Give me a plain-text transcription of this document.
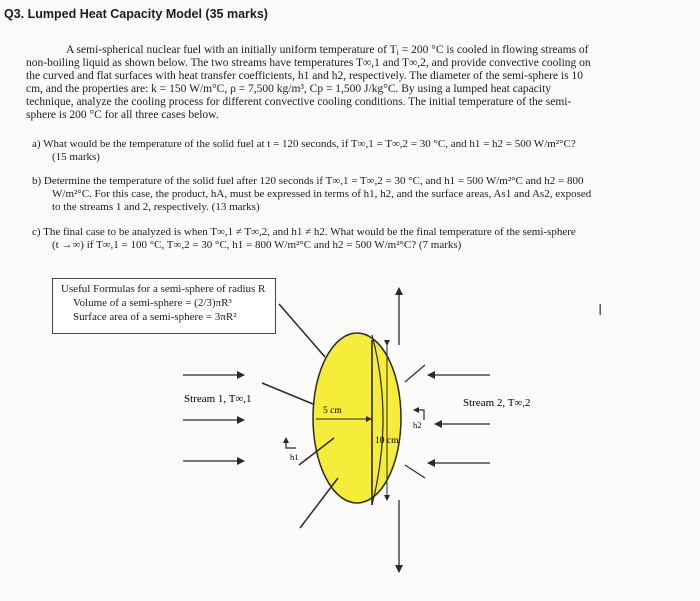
Q3. Lumped Heat Capacity Model (35 marks)
A semi-spherical nuclear fuel with an initially uniform temperature of $T_i = 200$ °C is cooled in flowing streams of
non-boiling liquid as shown below. The two streams have temperatures T∞,1 and T∞,2, and provide convective cooling on
the curved and flat surfaces with heat transfer coefficients, h1 and h2, respectively. The diameter of the semi-sphere is 10
cm, and the properties are: k = 150 W/m°C, ρ = 7,500 kg/m³, Cp = 1,500 J/kg°C. By using a lumped heat capacity
technique, analyze the cooling process for different convective cooling conditions. The initial temperature of the semi-
sphere is 200 °C for all three cases below.
a) What would be the temperature of the solid fuel at t = 120 seconds, if T∞,1 = T∞,2 = 30 °C, and h1 = h2 = 500 W/m²°C?
(15 marks)
b) Determine the temperature of the solid fuel after 120 seconds if T∞,1 = T∞,2 = 30 °C, and h1 = 500 W/m²°C and h2 = 800
W/m²°C. For this case, the product, hA, must be expressed in terms of h1, h2, and the surface areas, As1 and As2, exposed
to the streams 1 and 2, respectively. (13 marks)
c) The final case to be analyzed is when T∞,1 ≠ T∞,2, and h1 ≠ h2. What would be the final temperature of the semi-sphere
(t →∞) if T∞,1 = 100 °C, T∞,2 = 30 °C, h1 = 800 W/m²°C and h2 = 500 W/m²°C? (7 marks)
Useful Formulas for a semi-sphere of radius R
Volume of a semi-sphere = (2/3)πR³
Surface area of a semi-sphere = 3πR²	I
Stream 1, T∞,1	Stream 2, T∞,2
5 cm
10 cm
h1
h2
